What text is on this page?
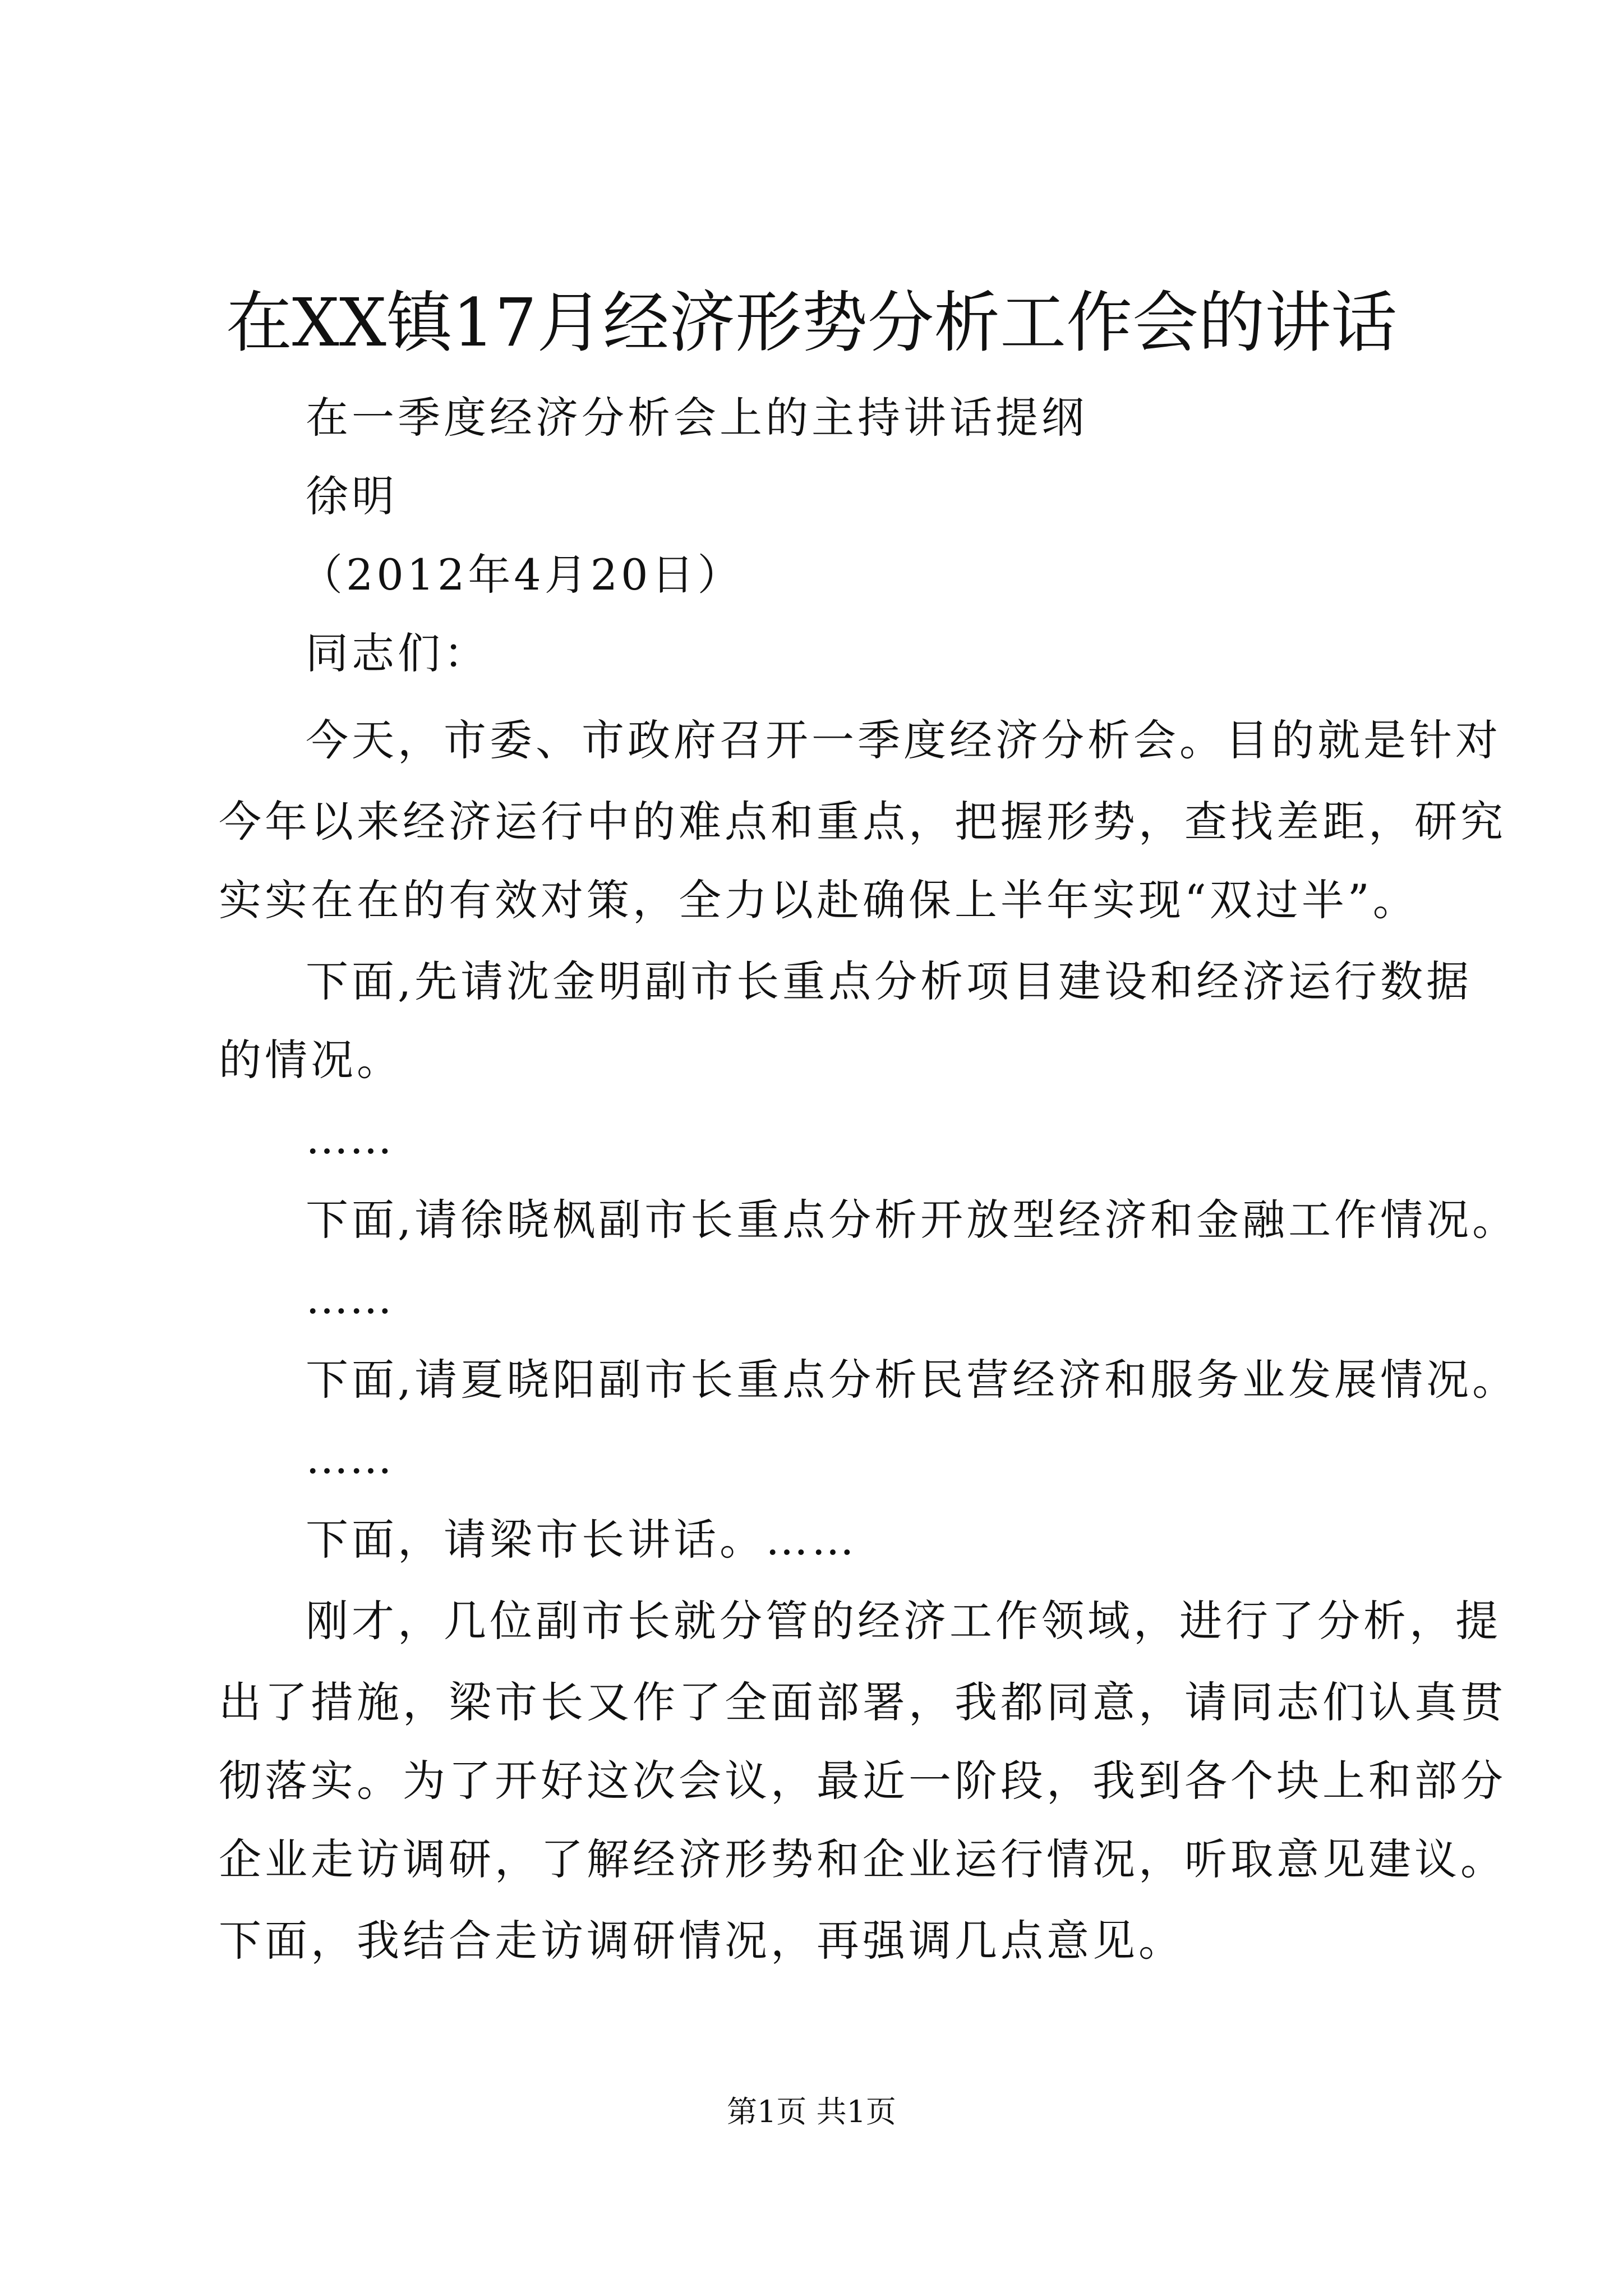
在XX镇17月经济形势分析工作会的讲话
在一季度经济分析会上的主持讲话提纲
徐明
（2012年4月20日）
同志们：
今天，市委、市政府召开一季度经济分析会。目的就是针对
今年以来经济运行中的难点和重点，把握形势，查找差距，研究
实实在在的有效对策，全力以赴确保上半年实现“双过半”。
下面,先请沈金明副市长重点分析项目建设和经济运行数据
的情况。
……
下面,请徐晓枫副市长重点分析开放型经济和金融工作情况。
……
下面,请夏晓阳副市长重点分析民营经济和服务业发展情况。
……
下面，请梁市长讲话。……
刚才，几位副市长就分管的经济工作领域，进行了分析，提
出了措施，梁市长又作了全面部署，我都同意，请同志们认真贯
彻落实。为了开好这次会议，最近一阶段，我到各个块上和部分
企业走访调研，了解经济形势和企业运行情况，听取意见建议。
下面，我结合走访调研情况，再强调几点意见。
第1页 共1页
